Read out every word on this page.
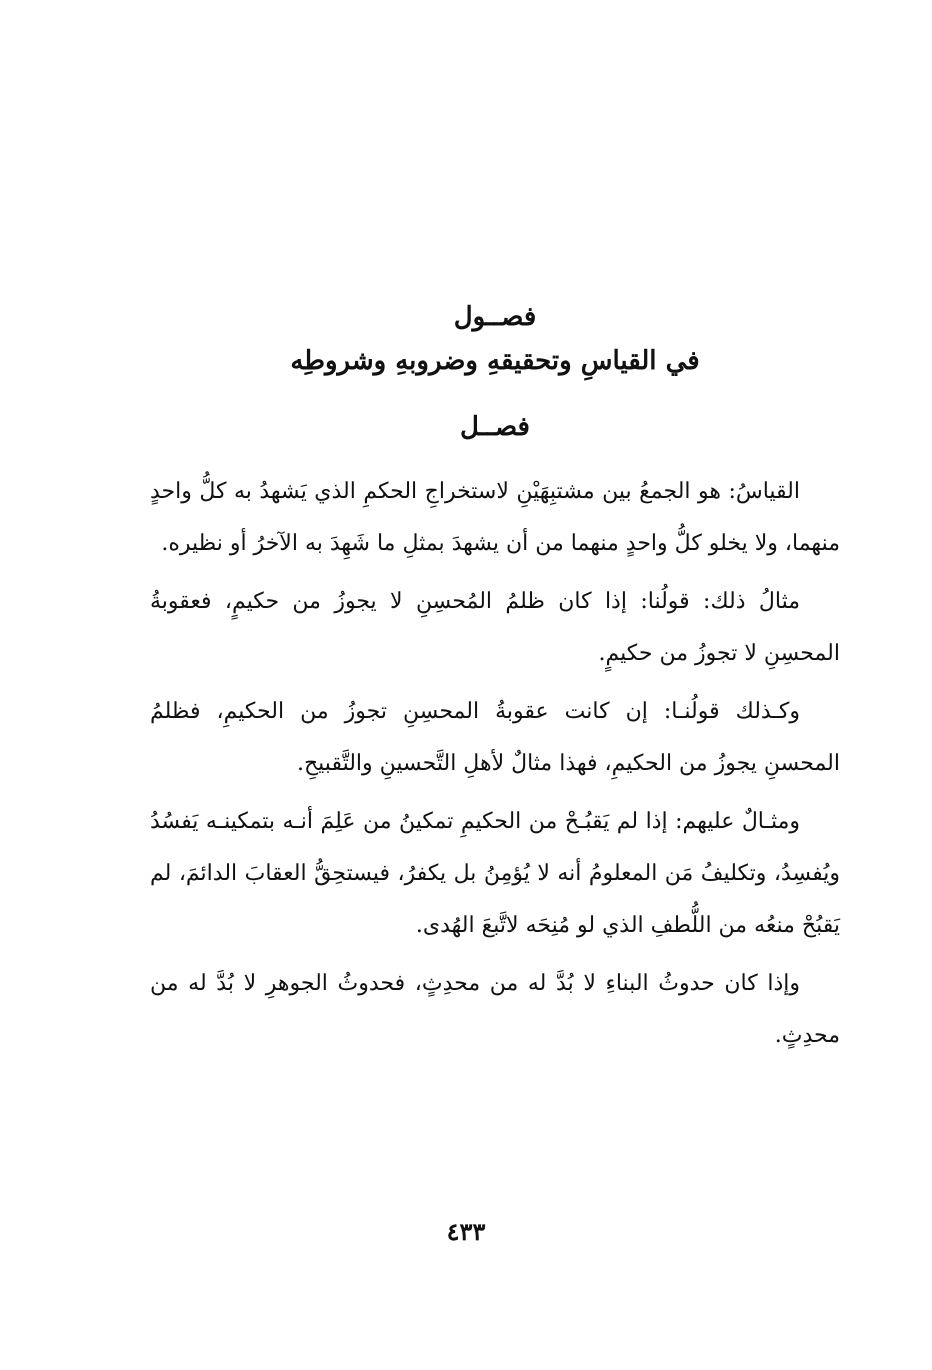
فصــول

في القياسِ وتحقيقهِ وضروبهِ وشروطِه

فصــل

القياسُ: هو الجمعُ بين مشتبِهَيْنِ لاستخراجِ الحكمِ الذي يَشهدُ به كلُّ واحدٍ منهما، ولا يخلو كلُّ واحدٍ منهما من أن يشهدَ بمثلِ ما شَهِدَ به الآخرُ أو نظيره.

مثالُ ذلك: قولُنا: إذا كان ظلمُ المُحسِنِ لا يجوزُ من حكيمٍ، فعقوبةُ المحسِنِ لا تجوزُ من حكيمٍ.

وكـذلك قولُنـا: إن كانت عقوبةُ المحسِنِ تجوزُ من الحكيمِ، فظلمُ المحسنِ يجوزُ من الحكيمِ، فهذا مثالٌ لأهلِ التَّحسينِ والتَّقبيحِ.

ومثـالٌ عليهم: إذا لم يَقبُـحْ من الحكيمِ تمكينُ من عَلِمَ أنـه بتمكينـه يَفسُدُ ويُفسِدُ، وتكليفُ مَن المعلومُ أنه لا يُؤمِنُ بل يكفرُ، فيستحِقُّ العقابَ الدائمَ، لم يَقبُحْ منعُه من اللُّطفِ الذي لو مُنِحَه لاتَّبعَ الهُدى.

وإذا كان حدوثُ البناءِ لا بُدَّ له من محدِثٍ، فحدوثُ الجوهرِ لا بُدَّ له من محدِثٍ.

٤٣٣
